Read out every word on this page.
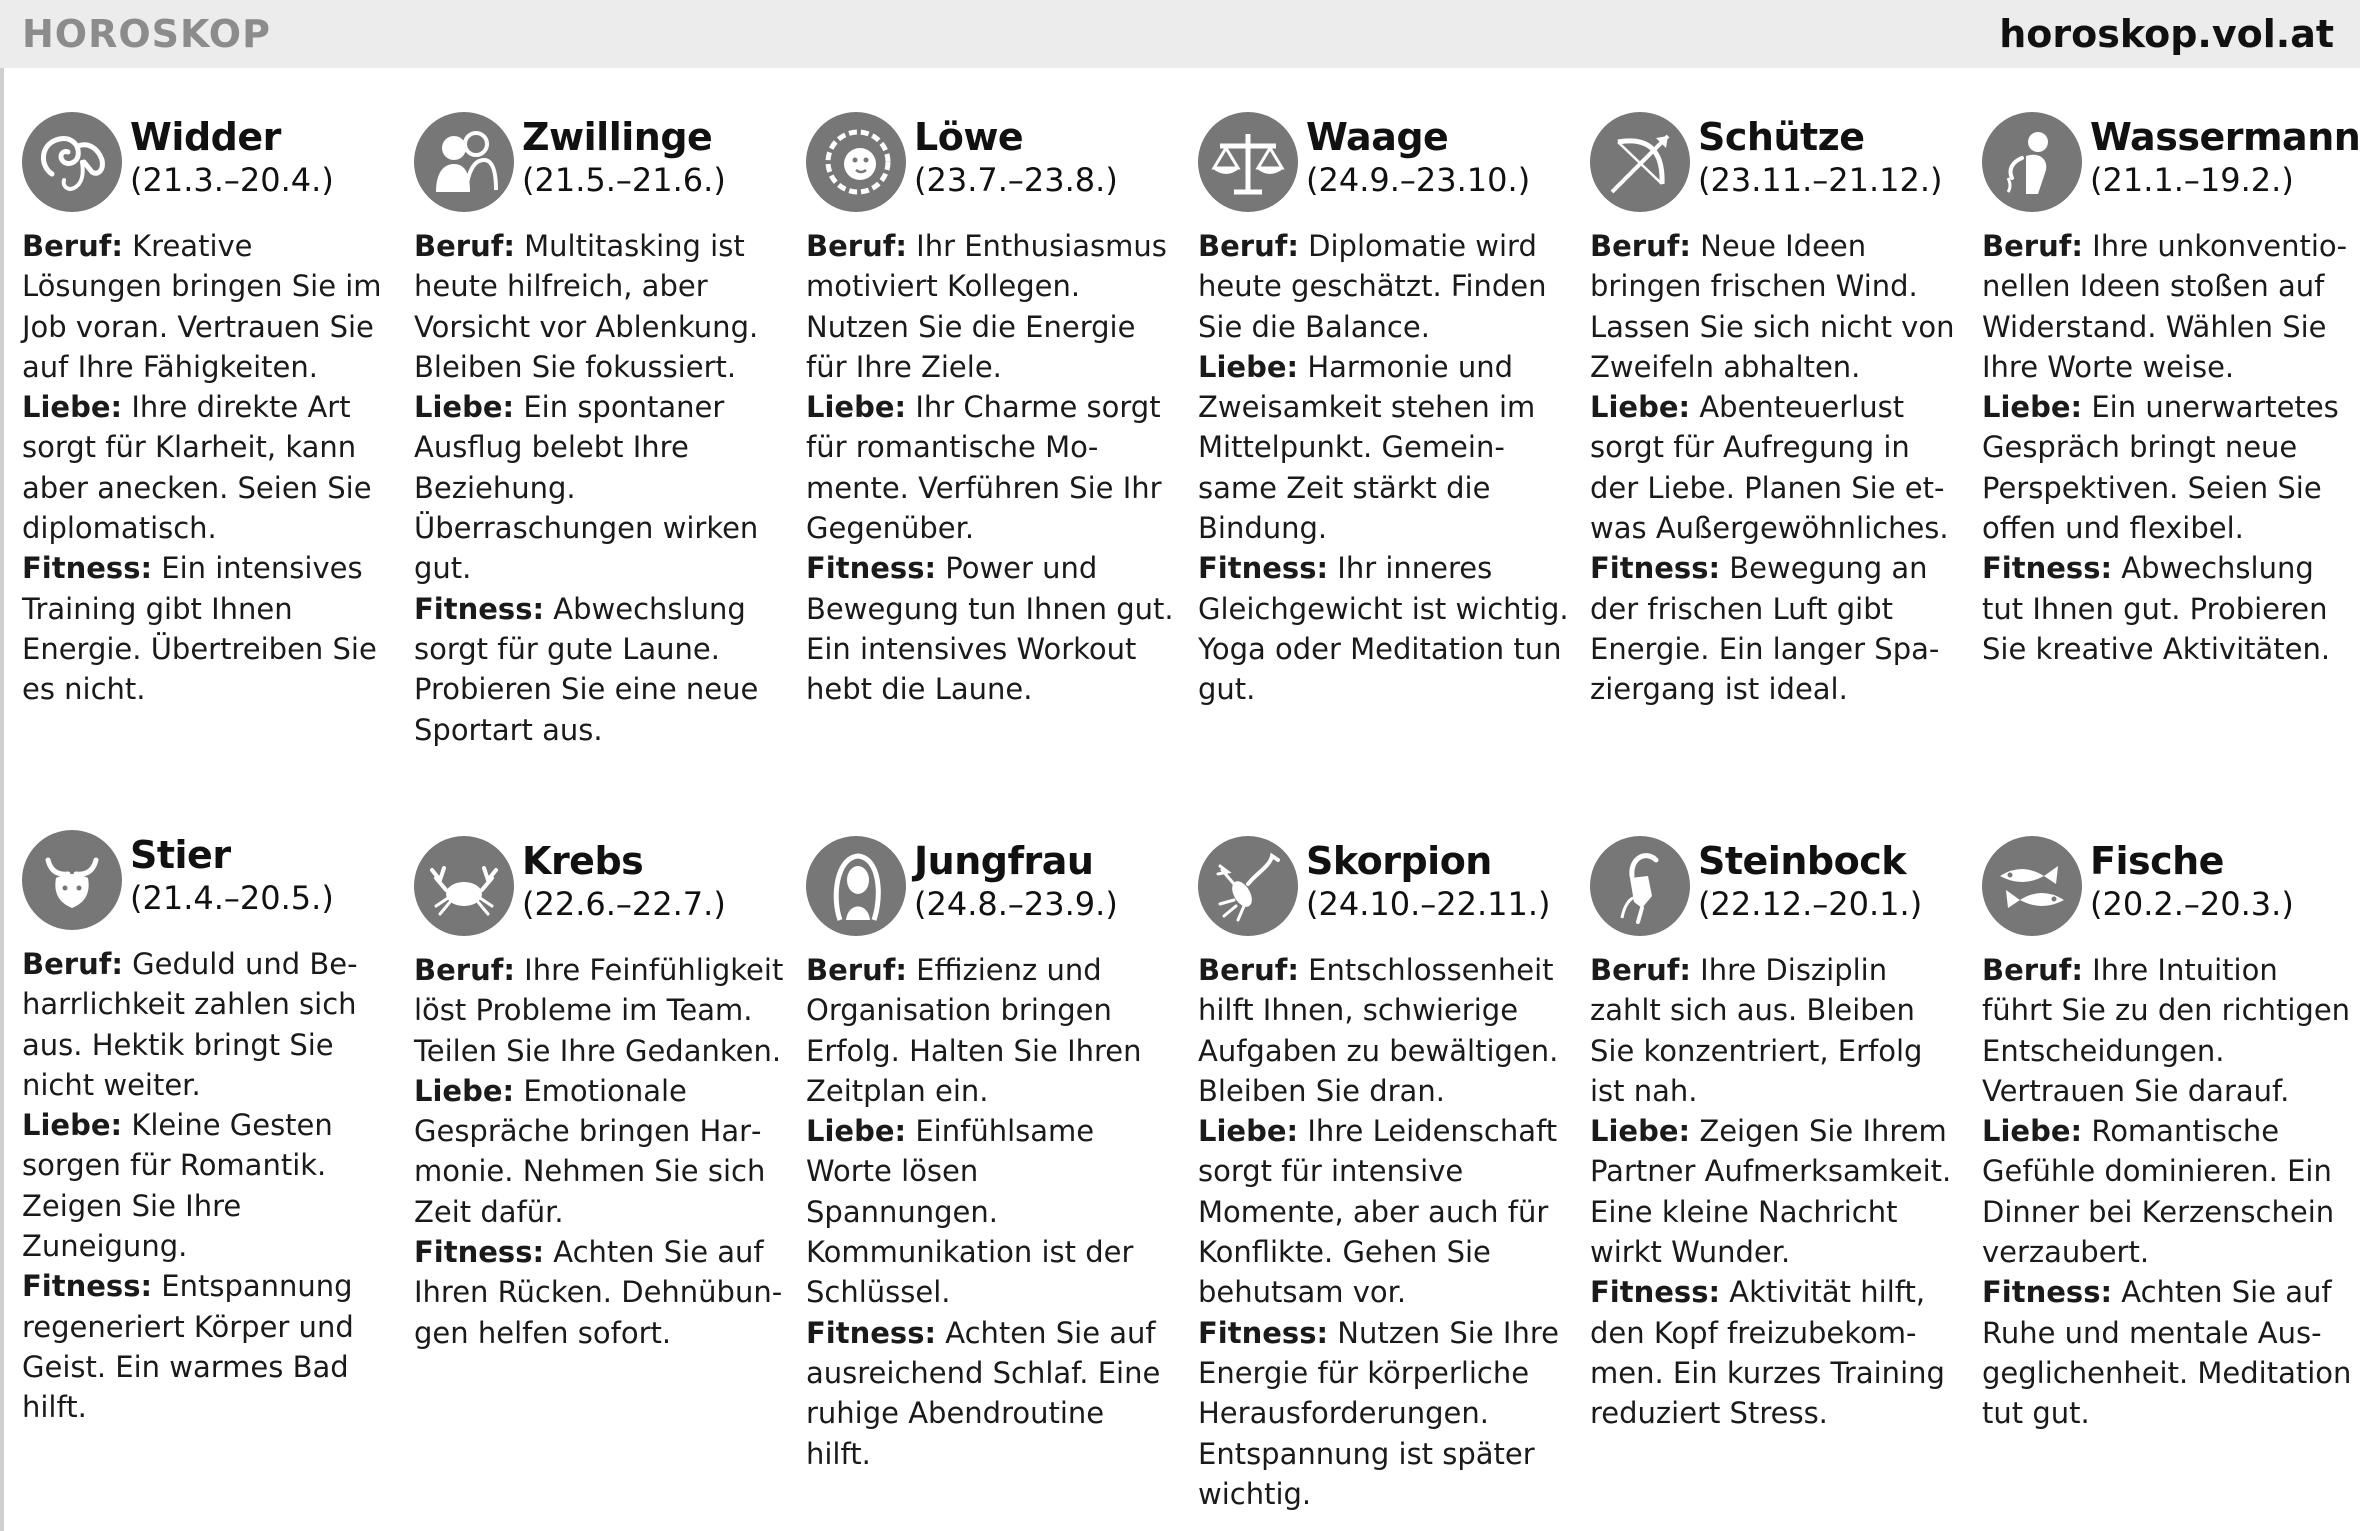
HOROSKOP	horoskop.vol.at
Widder
(21.3.–20.4.)

Beruf: Kreative Lösungen bringen Sie im Job voran. Vertrauen Sie auf Ihre Fähigkeiten.

Liebe: Ihre direkte Art sorgt für Klarheit, kann aber anecken. Seien Sie diplomatisch.

Fitness: Ein intensives Training gibt Ihnen Energie. Übertreiben Sie es nicht.

Zwillinge
(21.5.–21.6.)

Beruf: Multitasking ist heute hilfreich, aber Vorsicht vor Ablenkung. Bleiben Sie fokussiert.

Liebe: Ein spontaner Ausflug belebt Ihre Beziehung. Überraschungen wirken gut.

Fitness: Abwechslung sorgt für gute Laune. Probieren Sie eine neue Sportart aus.

Löwe
(23.7.–23.8.)

Beruf: Ihr Enthusiasmus motiviert Kollegen. Nutzen Sie die Energie für Ihre Ziele.

Liebe: Ihr Charme sorgt für romantische Momente. Verführen Sie Ihr Gegenüber.

Fitness: Power und Bewegung tun Ihnen gut. Ein intensives Workout hebt die Laune.

Waage
(24.9.–23.10.)

Beruf: Diplomatie wird heute geschätzt. Finden Sie die Balance.

Liebe: Harmonie und Zweisamkeit stehen im Mittelpunkt. Gemeinsame Zeit stärkt die Bindung.

Fitness: Ihr inneres Gleichgewicht ist wichtig. Yoga oder Meditation tun gut.

Schütze
(23.11.–21.12.)

Beruf: Neue Ideen bringen frischen Wind. Lassen Sie sich nicht von Zweifeln abhalten.

Liebe: Abenteuerlust sorgt für Aufregung in der Liebe. Planen Sie etwas Außergewöhnliches.

Fitness: Bewegung an der frischen Luft gibt Energie. Ein langer Spaziergang ist ideal.

Wassermann
(21.1.–19.2.)

Beruf: Ihre unkonventionellen Ideen stoßen auf Widerstand. Wählen Sie Ihre Worte weise.

Liebe: Ein unerwartetes Gespräch bringt neue Perspektiven. Seien Sie offen und flexibel.

Fitness: Abwechslung tut Ihnen gut. Probieren Sie kreative Aktivitäten.

Stier
(21.4.–20.5.)

Beruf: Geduld und Beharrlichkeit zahlen sich aus. Hektik bringt Sie nicht weiter.

Liebe: Kleine Gesten sorgen für Romantik. Zeigen Sie Ihre Zuneigung.

Fitness: Entspannung regeneriert Körper und Geist. Ein warmes Bad hilft.

Krebs
(22.6.–22.7.)

Beruf: Ihre Feinfühligkeit löst Probleme im Team. Teilen Sie Ihre Gedanken.

Liebe: Emotionale Gespräche bringen Harmonie. Nehmen Sie sich Zeit dafür.

Fitness: Achten Sie auf Ihren Rücken. Dehnübungen helfen sofort.

Jungfrau
(24.8.–23.9.)

Beruf: Effizienz und Organisation bringen Erfolg. Halten Sie Ihren Zeitplan ein.

Liebe: Einfühlsame Worte lösen Spannungen. Kommunikation ist der Schlüssel.

Fitness: Achten Sie auf ausreichend Schlaf. Eine ruhige Abendroutine hilft.

Skorpion
(24.10.–22.11.)

Beruf: Entschlossenheit hilft Ihnen, schwierige Aufgaben zu bewältigen. Bleiben Sie dran.

Liebe: Ihre Leidenschaft sorgt für intensive Momente, aber auch für Konflikte. Gehen Sie behutsam vor.

Fitness: Nutzen Sie Ihre Energie für körperliche Herausforderungen. Entspannung ist später wichtig.

Steinbock
(22.12.–20.1.)

Beruf: Ihre Disziplin zahlt sich aus. Bleiben Sie konzentriert, Erfolg ist nah.

Liebe: Zeigen Sie Ihrem Partner Aufmerksamkeit. Eine kleine Nachricht wirkt Wunder.

Fitness: Aktivität hilft, den Kopf freizubekommen. Ein kurzes Training reduziert Stress.

Fische
(20.2.–20.3.)

Beruf: Ihre Intuition führt Sie zu den richtigen Entscheidungen. Vertrauen Sie darauf.

Liebe: Romantische Gefühle dominieren. Ein Dinner bei Kerzenschein verzaubert.

Fitness: Achten Sie auf Ruhe und mentale Ausgeglichenheit. Meditation tut gut.
